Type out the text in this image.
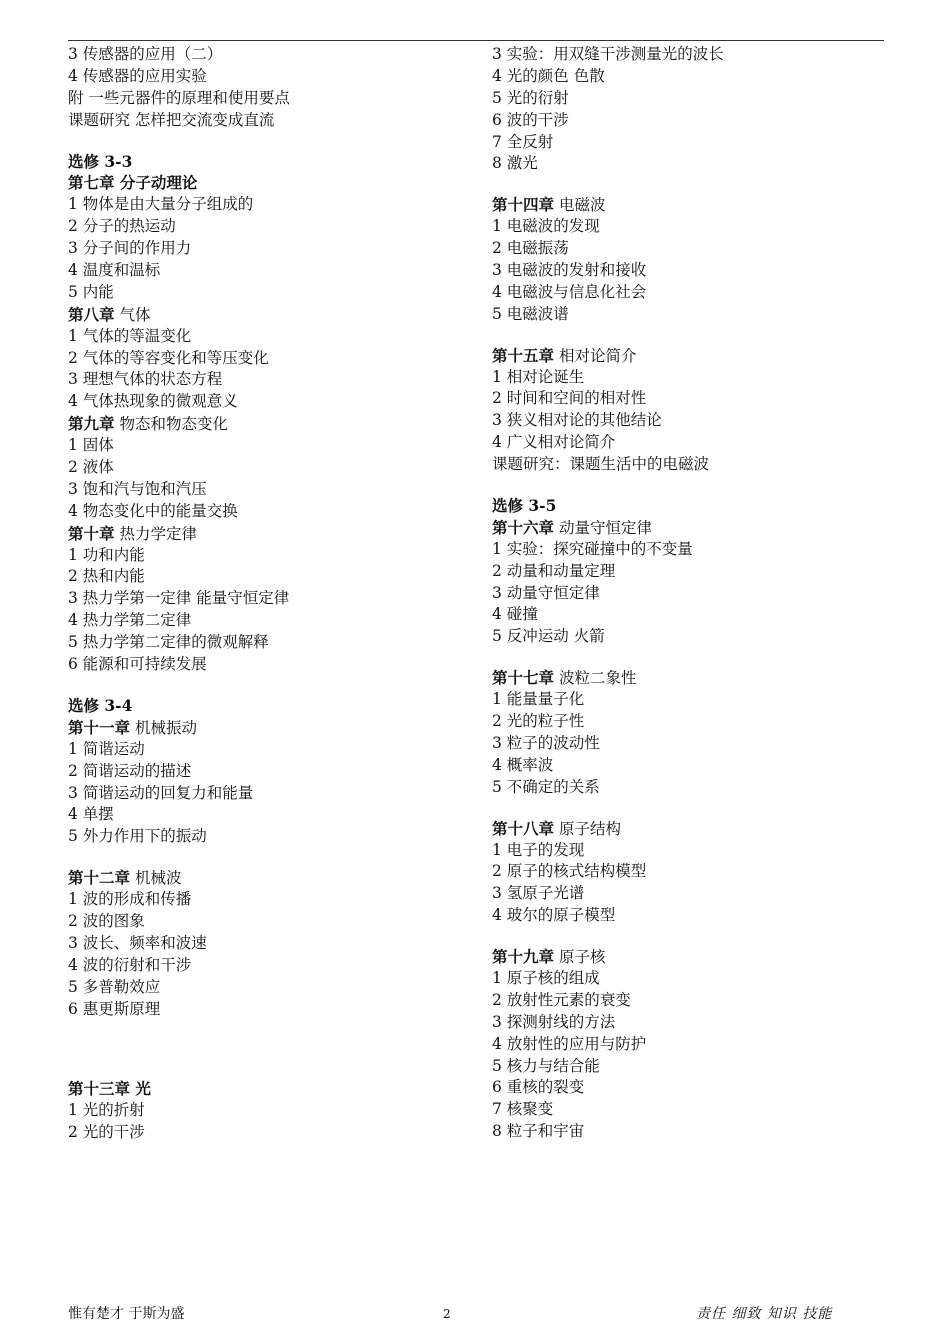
3 传感器的应用（二）
4 传感器的应用实验
附 一些元器件的原理和使用要点
课题研究 怎样把交流变成直流
选修 3-3
第七章 分子动理论
1 物体是由大量分子组成的
2 分子的热运动
3 分子间的作用力
4 温度和温标
5 内能
第八章 气体
1 气体的等温变化
2 气体的等容变化和等压变化
3 理想气体的状态方程
4 气体热现象的微观意义
第九章 物态和物态变化
1 固体
2 液体
3 饱和汽与饱和汽压
4 物态变化中的能量交换
第十章 热力学定律
1 功和内能
2 热和内能
3 热力学第一定律 能量守恒定律
4 热力学第二定律
5 热力学第二定律的微观解释
6 能源和可持续发展
选修 3-4
第十一章 机械振动
1 简谐运动
2 简谐运动的描述
3 简谐运动的回复力和能量
4 单摆
5 外力作用下的振动
第十二章 机械波
1 波的形成和传播
2 波的图象
3 波长、频率和波速
4 波的衍射和干涉
5 多普勒效应
6 惠更斯原理
第十三章 光
1 光的折射
2 光的干涉
3 实验：用双缝干涉测量光的波长
4 光的颜色 色散
5 光的衍射
6 波的干涉
7 全反射
8 激光
第十四章 电磁波
1 电磁波的发现
2 电磁振荡
3 电磁波的发射和接收
4 电磁波与信息化社会
5 电磁波谱
第十五章 相对论简介
1 相对论诞生
2 时间和空间的相对性
3 狭义相对论的其他结论
4 广义相对论简介
课题研究：课题生活中的电磁波
选修 3-5
第十六章 动量守恒定律
1 实验：探究碰撞中的不变量
2 动量和动量定理
3 动量守恒定律
4 碰撞
5 反冲运动 火箭
第十七章 波粒二象性
1 能量量子化
2 光的粒子性
3 粒子的波动性
4 概率波
5 不确定的关系
第十八章 原子结构
1 电子的发现
2 原子的核式结构模型
3 氢原子光谱
4 玻尔的原子模型
第十九章 原子核
1 原子核的组成
2 放射性元素的衰变
3 探测射线的方法
4 放射性的应用与防护
5 核力与结合能
6 重核的裂变
7 核聚变
8 粒子和宇宙
惟有楚才 于斯为盛	2	责任 细致 知识 技能
